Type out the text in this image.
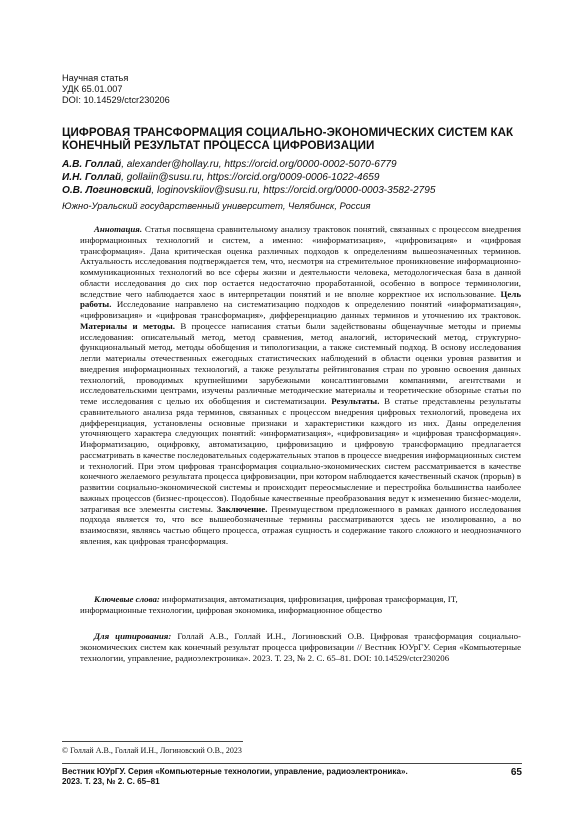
Научная статья
УДК 65.01.007
DOI: 10.14529/ctcr230206
ЦИФРОВАЯ ТРАНСФОРМАЦИЯ СОЦИАЛЬНО-ЭКОНОМИЧЕСКИХ СИСТЕМ КАК КОНЕЧНЫЙ РЕЗУЛЬТАТ ПРОЦЕССА ЦИФРОВИЗАЦИИ
А.В. Голлай, alexander@hollay.ru, https://orcid.org/0000-0002-5070-6779
И.Н. Голлай, gollaiin@susu.ru, https://orcid.org/0009-0006-1022-4659
О.В. Логиновский, loginovskiiov@susu.ru, https://orcid.org/0000-0003-3582-2795
Южно-Уральский государственный университет, Челябинск, Россия

Аннотация. Статья посвящена сравнительному анализу трактовок понятий, связанных с процессом внедрения информационных технологий и систем, а именно: «информатизация», «цифровизация» и «цифровая трансформация». Дана критическая оценка различных подходов к определениям вышеозначенных терминов. Актуальность исследования подтверждается тем, что, несмотря на стремительное проникновение информационно-коммуникационных технологий во все сферы жизни и деятельности человека, методологическая база в данной области исследования до сих пор остается недостаточно проработанной, особенно в вопросе терминологии, вследствие чего наблюдается хаос в интерпретации понятий и не вполне корректное их использование. Цель работы. Исследование направлено на систематизацию подходов к определению понятий «информатизация», «цифровизация» и «цифровая трансформация», дифференциацию данных терминов и уточнению их трактовок. Материалы и методы. В процессе написания статьи были задействованы общенаучные методы и приемы исследования: описательный метод, метод сравнения, метод аналогий, исторический метод, структурно-функциональный метод, методы обобщения и типологизации, а также системный подход. В основу исследования легли материалы отечественных ежегодных статистических наблюдений в области оценки уровня развития и внедрения информационных технологий, а также результаты рейтингования стран по уровню освоения данных технологий, проводимых крупнейшими зарубежными консалтинговыми компаниями, агентствами и исследовательскими центрами, изучены различные методические материалы и теоретические обзорные статьи по теме исследования с целью их обобщения и систематизации. Результаты. В статье представлены результаты сравнительного анализа ряда терминов, связанных с процессом внедрения цифровых технологий, проведена их дифференциация, установлены основные признаки и характеристики каждого из них. Даны определения уточняющего характера следующих понятий: «информатизация», «цифровизация» и «цифровая трансформация». Информатизацию, оцифровку, автоматизацию, цифровизацию и цифровую трансформацию предлагается рассматривать в качестве последовательных содержательных этапов в процессе внедрения информационных систем и технологий. При этом цифровая трансформация социально-экономических систем рассматривается в качестве конечного желаемого результата процесса цифровизации, при котором наблюдается качественный скачок (прорыв) в развитии социально-экономической системы и происходит переосмысление и перестройка большинства наиболее важных процессов (бизнес-процессов). Подобные качественные преобразования ведут к изменению бизнес-модели, затрагивая все элементы системы. Заключение. Преимуществом предложенного в рамках данного исследования подхода является то, что все вышеобозначенные термины рассматриваются здесь не изолированно, а во взаимосвязи, являясь частью общего процесса, отражая сущность и содержание такого сложного и неоднозначного явления, как цифровая трансформация.

Ключевые слова: информатизация, автоматизация, цифровизация, цифровая трансформация, IT, информационные технологии, цифровая экономика, информационное общество

Для цитирования: Голлай А.В., Голлай И.Н., Логиновский О.В. Цифровая трансформация социально-экономических систем как конечный результат процесса цифровизации // Вестник ЮУрГУ. Серия «Компьютерные технологии, управление, радиоэлектроника». 2023. Т. 23, № 2. С. 65–81. DOI: 10.14529/ctcr230206

© Голлай А.В., Голлай И.Н., Логиновский О.В., 2023
Вестник ЮУрГУ. Серия «Компьютерные технологии, управление, радиоэлектроника».
2023. Т. 23, № 2. С. 65–81
65
